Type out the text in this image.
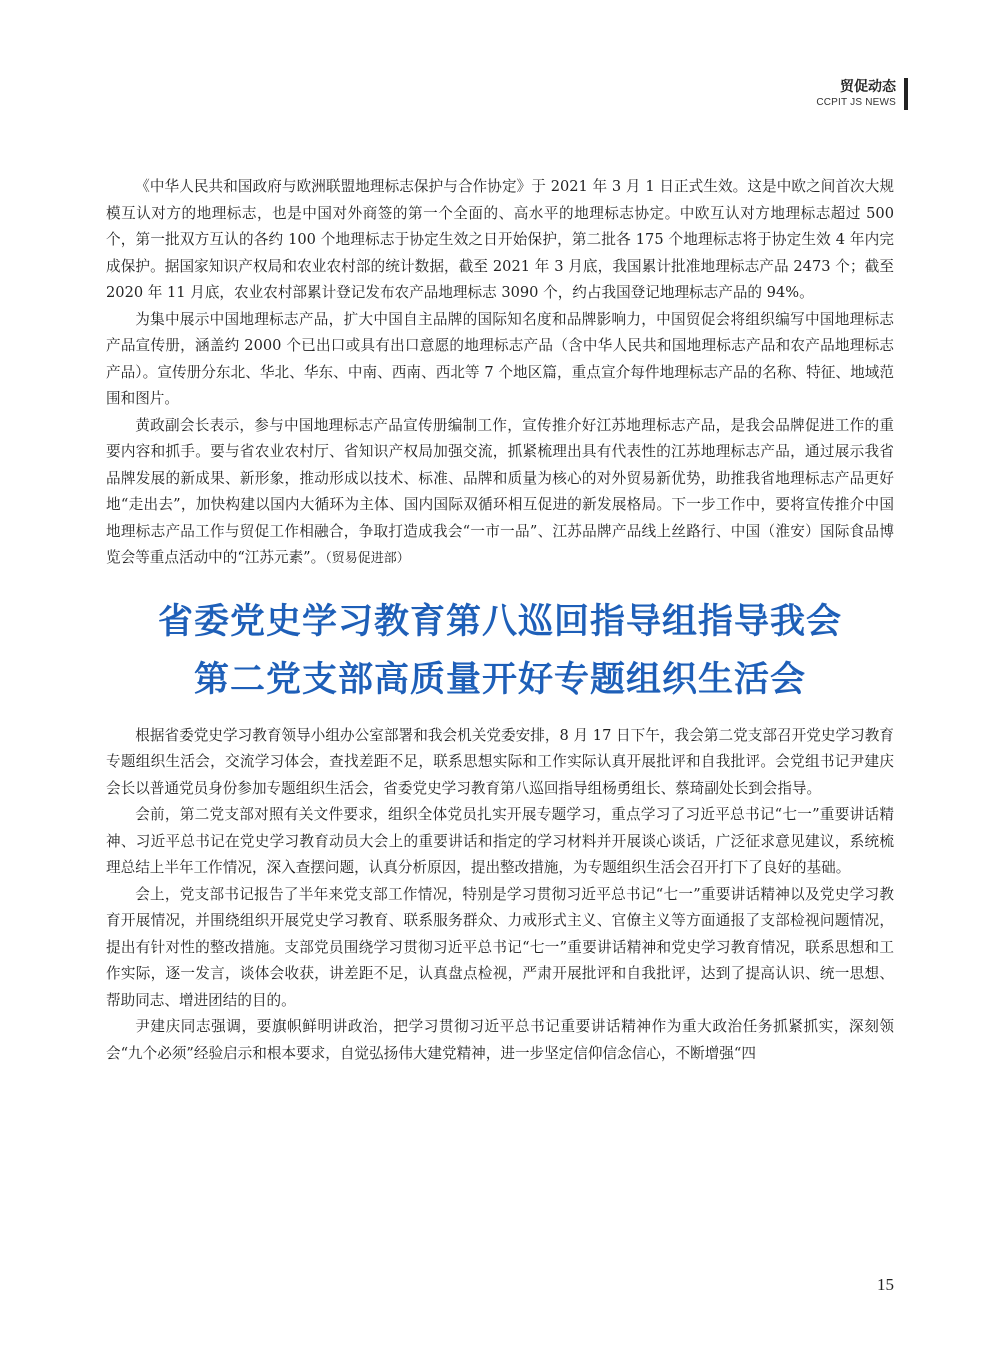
贸促动态
CCPIT JS NEWS

《中华人民共和国政府与欧洲联盟地理标志保护与合作协定》于 2021 年 3 月 1 日正式生效。这是中欧之间首次大规模互认对方的地理标志，也是中国对外商签的第一个全面的、高水平的地理标志协定。中欧互认对方地理标志超过 500 个，第一批双方互认的各约 100 个地理标志于协定生效之日开始保护，第二批各 175 个地理标志将于协定生效 4 年内完成保护。据国家知识产权局和农业农村部的统计数据，截至 2021 年 3 月底，我国累计批准地理标志产品 2473 个；截至 2020 年 11 月底，农业农村部累计登记发布农产品地理标志 3090 个，约占我国登记地理标志产品的 94%。

为集中展示中国地理标志产品，扩大中国自主品牌的国际知名度和品牌影响力，中国贸促会将组织编写中国地理标志产品宣传册，涵盖约 2000 个已出口或具有出口意愿的地理标志产品（含中华人民共和国地理标志产品和农产品地理标志产品）。宣传册分东北、华北、华东、中南、西南、西北等 7 个地区篇，重点宣介每件地理标志产品的名称、特征、地域范围和图片。

黄政副会长表示，参与中国地理标志产品宣传册编制工作，宣传推介好江苏地理标志产品，是我会品牌促进工作的重要内容和抓手。要与省农业农村厅、省知识产权局加强交流，抓紧梳理出具有代表性的江苏地理标志产品，通过展示我省品牌发展的新成果、新形象，推动形成以技术、标准、品牌和质量为核心的对外贸易新优势，助推我省地理标志产品更好地“走出去”，加快构建以国内大循环为主体、国内国际双循环相互促进的新发展格局。下一步工作中，要将宣传推介中国地理标志产品工作与贸促工作相融合，争取打造成我会“一市一品”、江苏品牌产品线上丝路行、中国（淮安）国际食品博览会等重点活动中的“江苏元素”。（贸易促进部）

省委党史学习教育第八巡回指导组指导我会
第二党支部高质量开好专题组织生活会

根据省委党史学习教育领导小组办公室部署和我会机关党委安排，8 月 17 日下午，我会第二党支部召开党史学习教育专题组织生活会，交流学习体会，查找差距不足，联系思想实际和工作实际认真开展批评和自我批评。会党组书记尹建庆会长以普通党员身份参加专题组织生活会，省委党史学习教育第八巡回指导组杨勇组长、蔡琦副处长到会指导。

会前，第二党支部对照有关文件要求，组织全体党员扎实开展专题学习，重点学习了习近平总书记“七一”重要讲话精神、习近平总书记在党史学习教育动员大会上的重要讲话和指定的学习材料并开展谈心谈话，广泛征求意见建议，系统梳理总结上半年工作情况，深入查摆问题，认真分析原因，提出整改措施，为专题组织生活会召开打下了良好的基础。

会上，党支部书记报告了半年来党支部工作情况，特别是学习贯彻习近平总书记“七一”重要讲话精神以及党史学习教育开展情况，并围绕组织开展党史学习教育、联系服务群众、力戒形式主义、官僚主义等方面通报了支部检视问题情况，提出有针对性的整改措施。支部党员围绕学习贯彻习近平总书记“七一”重要讲话精神和党史学习教育情况，联系思想和工作实际，逐一发言，谈体会收获，讲差距不足，认真盘点检视，严肃开展批评和自我批评，达到了提高认识、统一思想、帮助同志、增进团结的目的。

尹建庆同志强调，要旗帜鲜明讲政治，把学习贯彻习近平总书记重要讲话精神作为重大政治任务抓紧抓实，深刻领会“九个必须”经验启示和根本要求，自觉弘扬伟大建党精神，进一步坚定信仰信念信心，不断增强“四

15
